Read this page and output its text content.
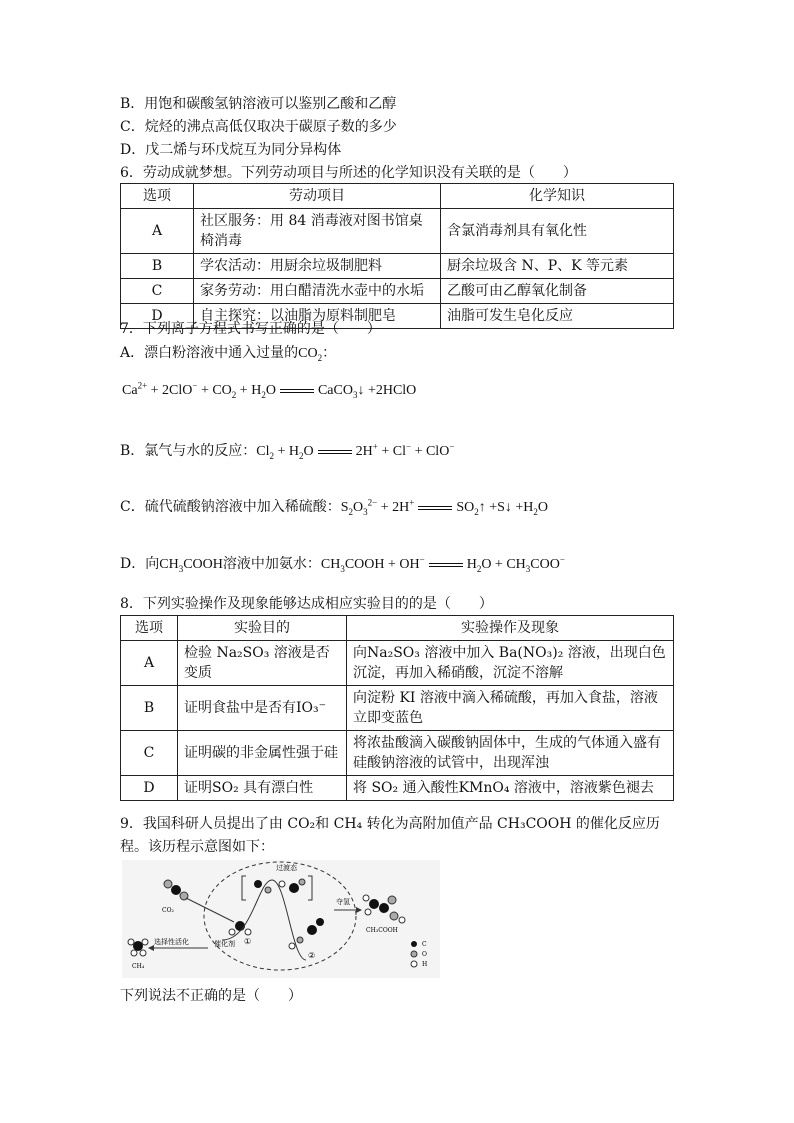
B．用饱和碳酸氢钠溶液可以鉴别乙酸和乙醇
C．烷烃的沸点高低仅取决于碳原子数的多少
D．戊二烯与环戊烷互为同分异构体
6．劳动成就梦想。下列劳动项目与所述的化学知识没有关联的是（　　）
选项	劳动项目	化学知识
A	社区服务：用 84 消毒液对图书馆桌椅消毒	含氯消毒剂具有氧化性
B	学农活动：用厨余垃圾制肥料	厨余垃圾含 N、P、K 等元素
C	家务劳动：用白醋清洗水壶中的水垢	乙酸可由乙醇氧化制备
D	自主探究：以油脂为原料制肥皂	油脂可发生皂化反应
7．下列离子方程式书写正确的是（　　）
A．漂白粉溶液中通入过量的$CO_2$：
$Ca^{2+} + 2ClO^- + CO_2 + H_2O$	CaCO$_3$↓ +2HClO
B．氯气与水的反应：$Cl_2 + H_2O$	2H+ + Cl− + ClO−
C．硫代硫酸钠溶液中加入稀硫酸：$S_2O_3^{2-} + 2H^+$	$SO_2↑$ +S↓ $+H_2O$
D．向$CH_3COOH$溶液中加氨水：$CH_3COOH + OH^-$	$H_2O + CH_3COO^-$
8．下列实验操作及现象能够达成相应实验目的的是（　　）
选项	实验目的	实验操作及现象
A	检验 Na₂SO₃ 溶液是否变质	向Na₂SO₃ 溶液中加入 Ba(NO₃)₂ 溶液，出现白色沉淀，再加入稀硝酸，沉淀不溶解
B	证明食盐中是否有IO₃⁻	向淀粉 KI 溶液中滴入稀硫酸，再加入食盐，溶液立即变蓝色
C	证明碳的非金属性强于硅	将浓盐酸滴入碳酸钠固体中，生成的气体通入盛有硅酸钠溶液的试管中，出现浑浊
D	证明SO₂ 具有漂白性	将 SO₂ 通入酸性KMnO₄ 溶液中，溶液紫色褪去
9．我国科研人员提出了由 CO₂和 CH₄ 转化为高附加值产品 CH₃COOH 的催化反应历
程。该历程示意图如下：
CO₂
CH₄
选择性活化	催化剂 ①
过渡态
②
夺氢
CH₃COOH
C
O
H
下列说法不正确的是（　　）
